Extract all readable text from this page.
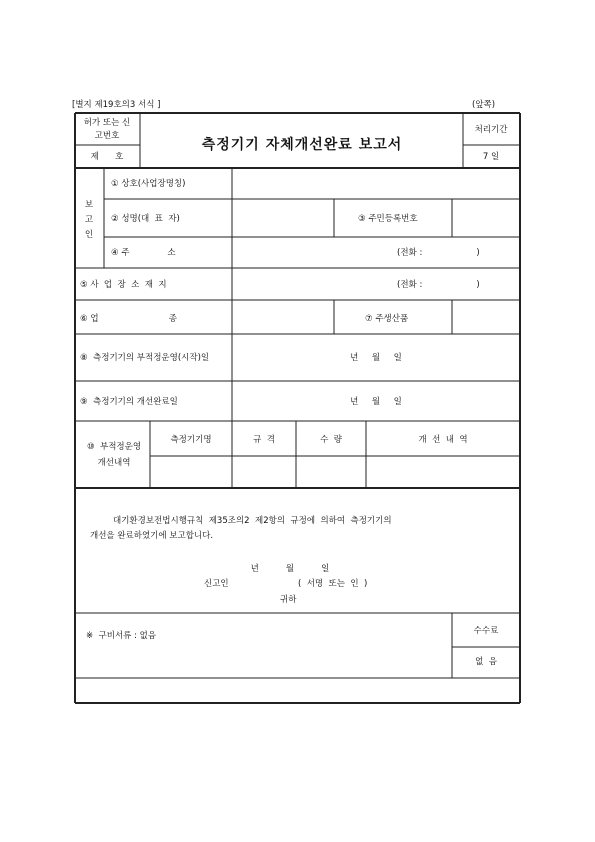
[별지 제19호의3 서식 ]	(앞쪽)
허가 또는 신
고번호
제      호
측정기기 자체개선완료 보고서
처리기간
7 일
보
고
인
① 상호(사업장명칭)
② 성명(대  표  자)	③ 주민등록번호
④ 주              소	(전화 :                    )
⑤ 사  업  장  소  재  지	(전화 :                    )
⑥ 업                          종	⑦ 주생산품
⑧  측정기기의 부적정운영(시작)일	년     월     일
⑨  측정기기의 개선완료일	년     월     일
⑩  부적정운영
개선내역
측정기기명	규  격	수  량	개  선  내  역
대기환경보전법시행규칙  제35조의2  제2항의  규정에  의하여  측정기기의
개선을 완료하였기에 보고합니다.
년          월          일
신고인	(  서명  또는  인  )
귀하
※  구비서류 : 없음	수수료
없  음
